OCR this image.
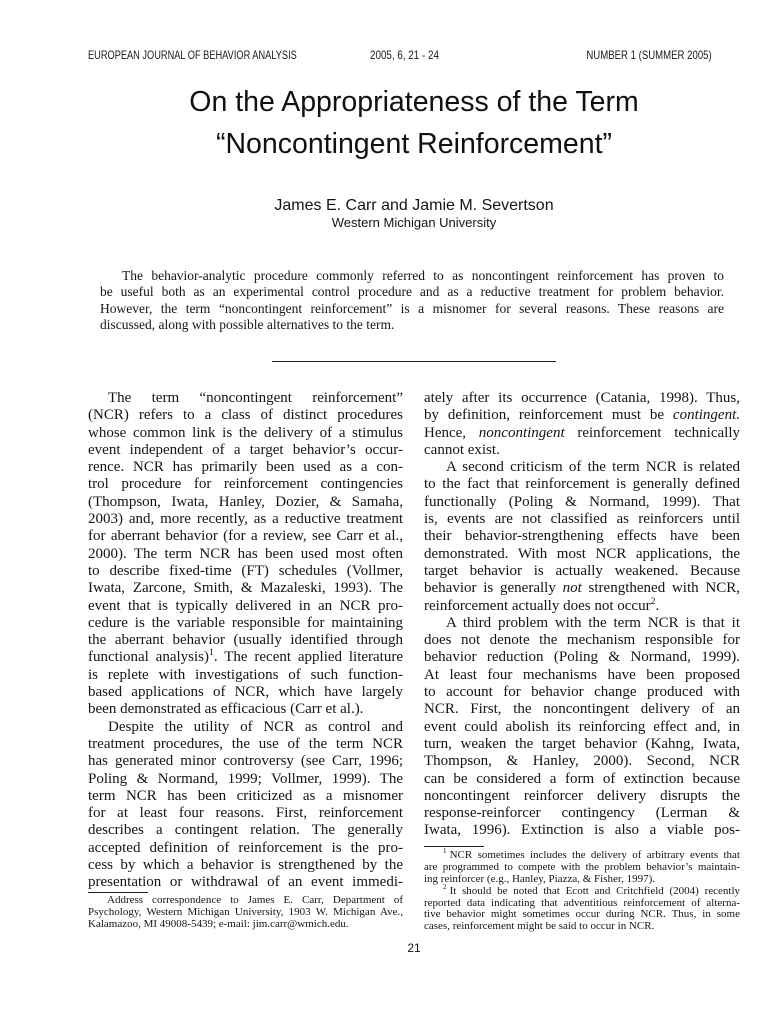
EUROPEAN JOURNAL OF BEHAVIOR ANALYSIS	2005, 6, 21 - 24	NUMBER 1 (SUMMER 2005)
On the Appropriateness of the Term
“Noncontingent Reinforcement”
James E. Carr and Jamie M. Severtson
Western Michigan University
The behavior-analytic procedure commonly referred to as noncontingent reinforcement has proven to
be useful both as an experimental control procedure and as a reductive treatment for problem behavior.
However, the term “noncontingent reinforcement” is a misnomer for several reasons. These reasons are
discussed, along with possible alternatives to the term.
The term “noncontingent reinforcement”
(NCR) refers to a class of distinct procedures
whose common link is the delivery of a stimulus
event independent of a target behavior’s occur-
rence. NCR has primarily been used as a con-
trol procedure for reinforcement contingencies
(Thompson, Iwata, Hanley, Dozier, & Samaha,
2003) and, more recently, as a reductive treatment
for aberrant behavior (for a review, see Carr et al.,
2000). The term NCR has been used most often
to describe fixed-time (FT) schedules (Vollmer,
Iwata, Zarcone, Smith, & Mazaleski, 1993). The
event that is typically delivered in an NCR pro-
cedure is the variable responsible for maintaining
the aberrant behavior (usually identified through
functional analysis)$^1$. The recent applied literature
is replete with investigations of such function-
based applications of NCR, which have largely
been demonstrated as efficacious (Carr et al.).
Despite the utility of NCR as control and
treatment procedures, the use of the term NCR
has generated minor controversy (see Carr, 1996;
Poling & Normand, 1999; Vollmer, 1999). The
term NCR has been criticized as a misnomer
for at least four reasons. First, reinforcement
describes a contingent relation. The generally
accepted definition of reinforcement is the pro-
cess by which a behavior is strengthened by the
presentation or withdrawal of an event immedi-
ately after its occurrence (Catania, 1998). Thus,
by definition, reinforcement must be contingent.
Hence, noncontingent reinforcement technically
cannot exist.
A second criticism of the term NCR is related
to the fact that reinforcement is generally defined
functionally (Poling & Normand, 1999). That
is, events are not classified as reinforcers until
their behavior-strengthening effects have been
demonstrated. With most NCR applications, the
target behavior is actually weakened. Because
behavior is generally not strengthened with NCR,
reinforcement actually does not occur$^2$.
A third problem with the term NCR is that it
does not denote the mechanism responsible for
behavior reduction (Poling & Normand, 1999).
At least four mechanisms have been proposed
to account for behavior change produced with
NCR. First, the noncontingent delivery of an
event could abolish its reinforcing effect and, in
turn, weaken the target behavior (Kahng, Iwata,
Thompson, & Hanley, 2000). Second, NCR
can be considered a form of extinction because
noncontingent reinforcer delivery disrupts the
response-reinforcer contingency (Lerman &
Iwata, 1996). Extinction is also a viable pos-
Address correspondence to James E. Carr, Department of
Psychology, Western Michigan University, 1903 W. Michigan Ave.,
Kalamazoo, MI 49008-5439; e-mail: jim.carr@wmich.edu.
$^1$ NCR sometimes includes the delivery of arbitrary events that
are programmed to compete with the problem behavior’s maintain-
ing reinforcer (e.g., Hanley, Piazza, & Fisher, 1997).
$^2$ It should be noted that Ecott and Critchfield (2004) recently
reported data indicating that adventitious reinforcement of alterna-
tive behavior might sometimes occur during NCR. Thus, in some
cases, reinforcement might be said to occur in NCR.
21
